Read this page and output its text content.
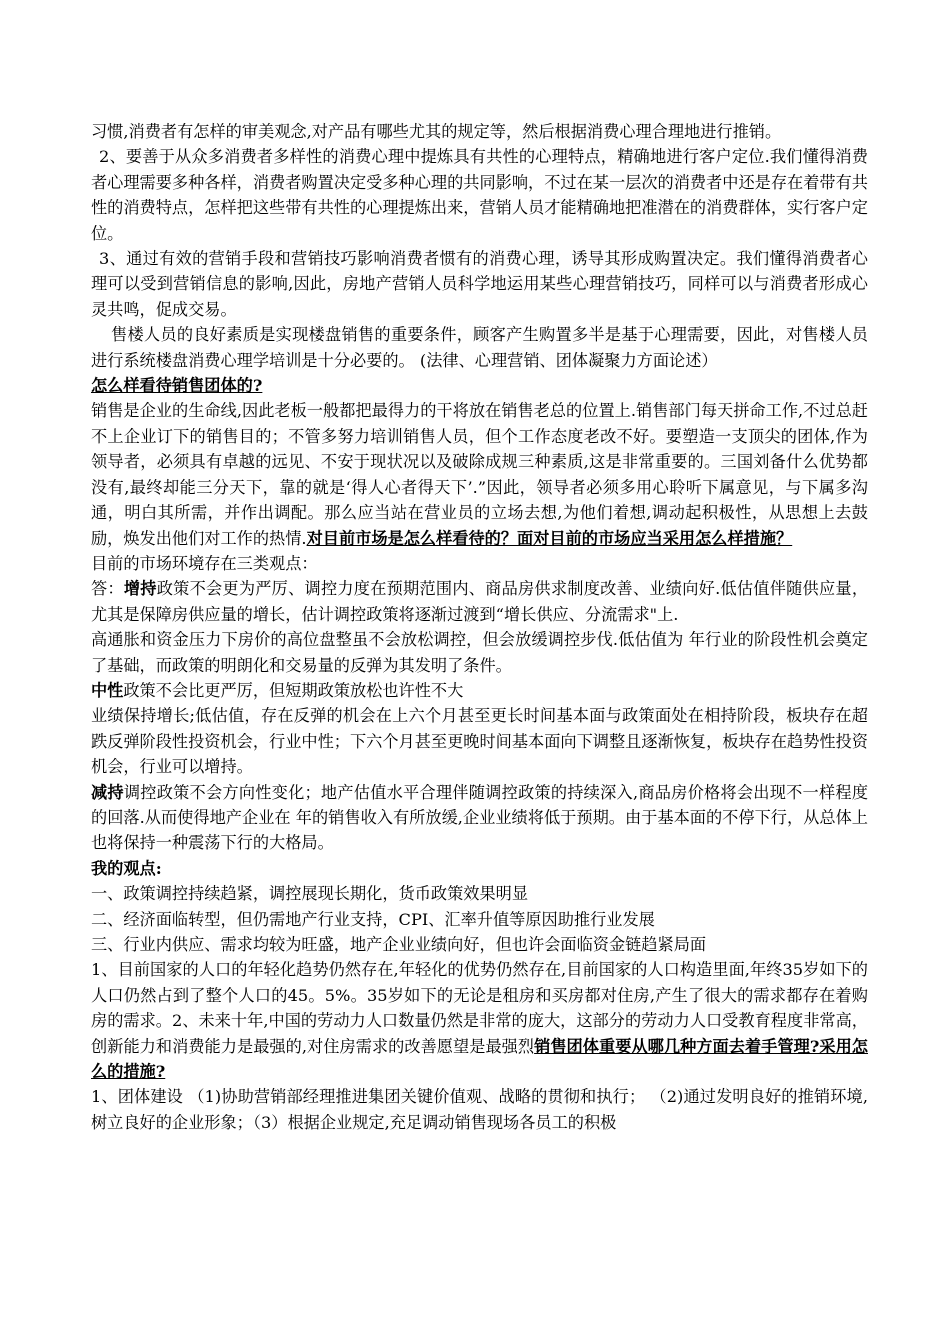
习惯,消费者有怎样的审美观念,对产品有哪些尤其的规定等，然后根据消费心理合理地进行推销。

2、要善于从众多消费者多样性的消费心理中提炼具有共性的心理特点，精确地进行客户定位.我们懂得消费者心理需要多种各样，消费者购置决定受多种心理的共同影响，不过在某一层次的消费者中还是存在着带有共性的消费特点，怎样把这些带有共性的心理提炼出来，营销人员才能精确地把准潜在的消费群体，实行客户定位。

3、通过有效的营销手段和营销技巧影响消费者惯有的消费心理，诱导其形成购置决定。我们懂得消费者心理可以受到营销信息的影响,因此，房地产营销人员科学地运用某些心理营销技巧，同样可以与消费者形成心灵共鸣，促成交易。

售楼人员的良好素质是实现楼盘销售的重要条件，顾客产生购置多半是基于心理需要，因此，对售楼人员进行系统楼盘消费心理学培训是十分必要的。 (法律、心理营销、团体凝聚力方面论述）

怎么样看待销售团体的?

销售是企业的生命线,因此老板一般都把最得力的干将放在销售老总的位置上.销售部门每天拼命工作,不过总赶不上企业订下的销售目的；不管多努力培训销售人员，但个工作态度老改不好。要塑造一支顶尖的团体,作为领导者，必须具有卓越的远见、不安于现状况以及破除成规三种素质,这是非常重要的。三国刘备什么优势都没有,最终却能三分天下，靠的就是‘得人心者得天下’.”因此，领导者必须多用心聆听下属意见，与下属多沟通，明白其所需，并作出调配。那么应当站在营业员的立场去想,为他们着想,调动起积极性，从思想上去鼓励，焕发出他们对工作的热情.对目前市场是怎么样看待的？面对目前的市场应当采用怎么样措施？

目前的市场环境存在三类观点：

答：增持政策不会更为严厉、调控力度在预期范围内、商品房供求制度改善、业绩向好.低估值伴随供应量，尤其是保障房供应量的增长，估计调控政策将逐渐过渡到“增长供应、分流需求"上.

高通胀和资金压力下房价的高位盘整虽不会放松调控，但会放缓调控步伐.低估值为 年行业的阶段性机会奠定了基础，而政策的明朗化和交易量的反弹为其发明了条件。

中性政策不会比更严厉，但短期政策放松也许性不大

业绩保持增长;低估值，存在反弹的机会在上六个月甚至更长时间基本面与政策面处在相持阶段，板块存在超跌反弹阶段性投资机会，行业中性；下六个月甚至更晚时间基本面向下调整且逐渐恢复，板块存在趋势性投资机会，行业可以增持。

减持调控政策不会方向性变化；地产估值水平合理伴随调控政策的持续深入,商品房价格将会出现不一样程度的回落.从而使得地产企业在 年的销售收入有所放缓,企业业绩将低于预期。由于基本面的不停下行，从总体上也将保持一种震荡下行的大格局。

我的观点:

一、政策调控持续趋紧，调控展现长期化，货币政策效果明显

二、经济面临转型，但仍需地产行业支持，CPI、汇率升值等原因助推行业发展

三、行业内供应、需求均较为旺盛，地产企业业绩向好，但也许会面临资金链趋紧局面

1、目前国家的人口的年轻化趋势仍然存在,年轻化的优势仍然存在,目前国家的人口构造里面,年终35岁如下的人口仍然占到了整个人口的45。5%。35岁如下的无论是租房和买房都对住房,产生了很大的需求都存在着购房的需求。2、未来十年,中国的劳动力人口数量仍然是非常的庞大，这部分的劳动力人口受教育程度非常高，创新能力和消费能力是最强的,对住房需求的改善愿望是最强烈销售团体重要从哪几种方面去着手管理?采用怎么的措施?

1、团体建设 （1)协助营销部经理推进集团关键价值观、战略的贯彻和执行； （2)通过发明良好的推销环境,树立良好的企业形象；（3）根据企业规定,充足调动销售现场各员工的积极
